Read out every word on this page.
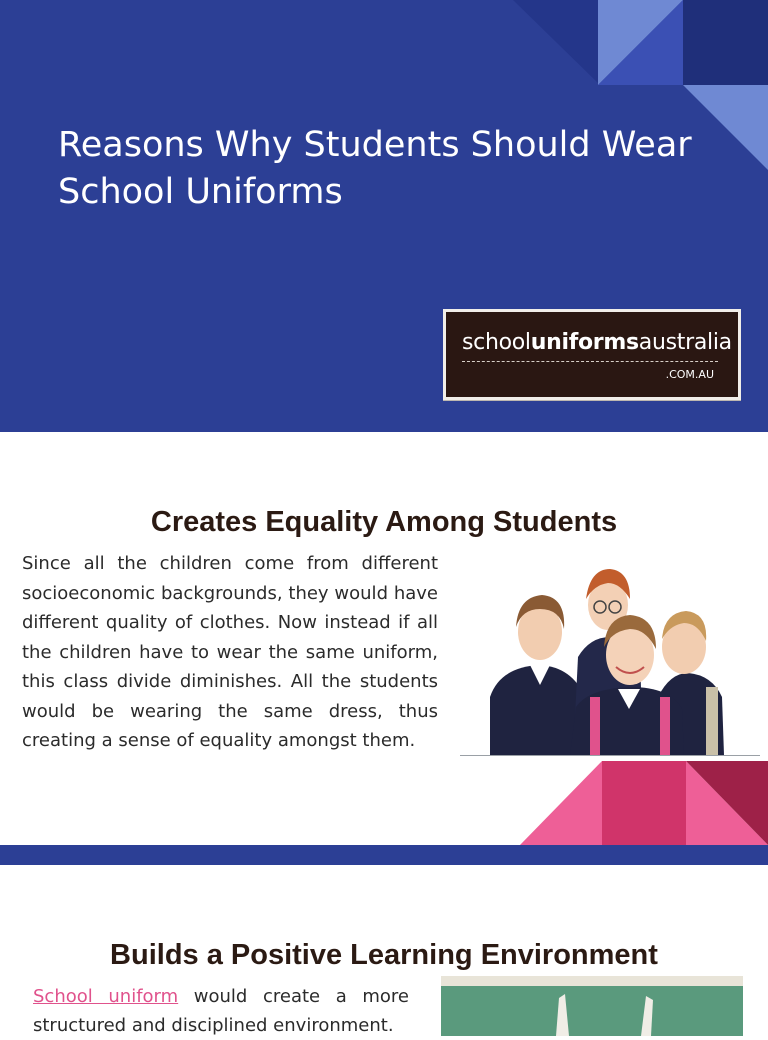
Reasons Why Students Should Wear School Uniforms
schooluniformsaustralia
.COM.AU
Creates Equality Among Students
Since all the children come from different socioeconomic backgrounds, they would have different quality of clothes. Now instead if all the children have to wear the same uniform, this class divide diminishes. All the students would be wearing the same dress, thus creating a sense of equality amongst them.
Builds a Positive Learning Environment
School uniform would create a more structured and disciplined environment.
